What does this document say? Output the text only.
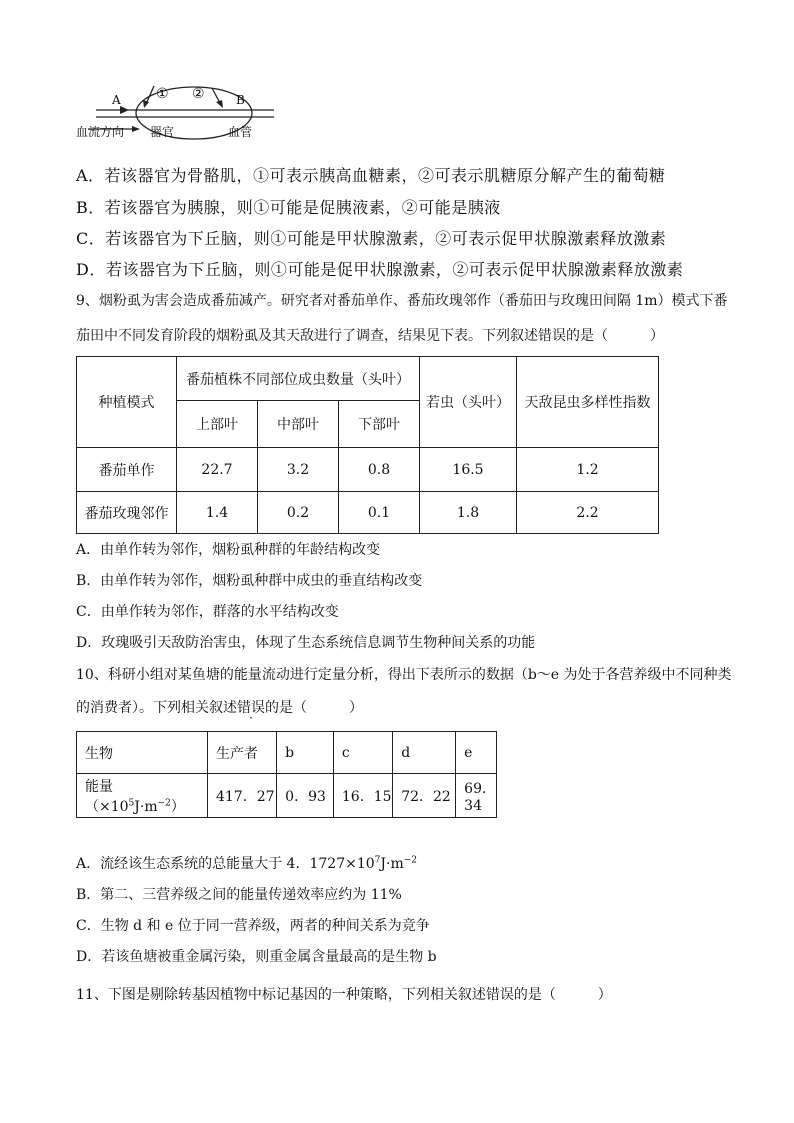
A	① ②	B
血流方向 器官	血管
A．若该器官为骨骼肌，①可表示胰高血糖素，②可表示肌糖原分解产生的葡萄糖
B．若该器官为胰腺，则①可能是促胰液素，②可能是胰液
C．若该器官为下丘脑，则①可能是甲状腺激素，②可表示促甲状腺激素释放激素
D．若该器官为下丘脑，则①可能是促甲状腺激素，②可表示促甲状腺激素释放激素
9、烟粉虱为害会造成番茄减产。研究者对番茄单作、番茄玫瑰邻作（番茄田与玫瑰田间隔 1m）模式下番
茄田中不同发育阶段的烟粉虱及其天敌进行了调查，结果见下表。下列叙述错误的是（　　　）
种植模式	番茄植株不同部位成虫数量（头叶）			若虫（头叶）	天敌昆虫多样性指数
	上部叶	中部叶	下部叶		
番茄单作	22.7	3.2	0.8	16.5	1.2
番茄玫瑰邻作	1.4	0.2	0.1	1.8	2.2
A．由单作转为邻作，烟粉虱种群的年龄结构改变
B．由单作转为邻作，烟粉虱种群中成虫的垂直结构改变
C．由单作转为邻作，群落的水平结构改变
D．玫瑰吸引天敌防治害虫，体现了生态系统信息调节生物种间关系的功能
10、科研小组对某鱼塘的能量流动进行定量分析，得出下表所示的数据（b～e 为处于各营养级中不同种类
的消费者）。下列相关叙述错误的是（　　　）
生物	生产者	b	c	d	e
能量$(\times 10^5J\cdot m^{-2})$	417．27	0．93	16．15	72．22	69．34
A．流经该生态系统的总能量大于 4．$1727\times 10^7J\cdot m^{-2}$
B．第二、三营养级之间的能量传递效率应约为 11%
C．生物 d 和 e 位于同一营养级，两者的种间关系为竞争
D．若该鱼塘被重金属污染，则重金属含量最高的是生物 b
11、下图是剔除转基因植物中标记基因的一种策略，下列相关叙述错误的是（　　　）
